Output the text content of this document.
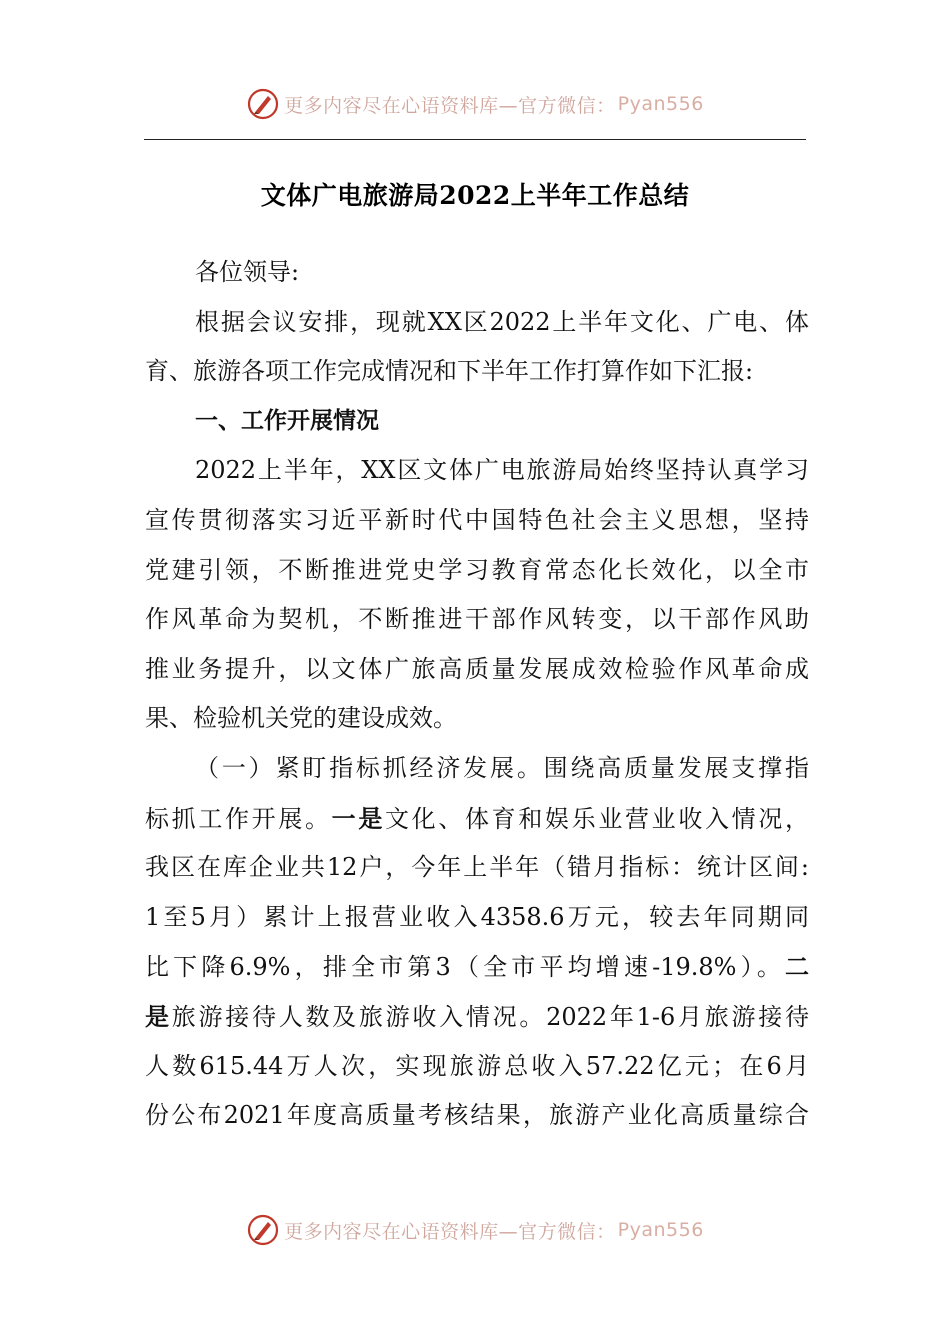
更多内容尽在心语资料库—官方微信： Pyan556
文体广电旅游局2022上半年工作总结
各位领导:
根据会议安排，现就XX区2022上半年文化、广电、体
育、旅游各项工作完成情况和下半年工作打算作如下汇报:
一、工作开展情况
2022上半年，XX区文体广电旅游局始终坚持认真学习
宣传贯彻落实习近平新时代中国特色社会主义思想，坚持
党建引领，不断推进党史学习教育常态化长效化，以全市
作风革命为契机，不断推进干部作风转变，以干部作风助
推业务提升，以文体广旅高质量发展成效检验作风革命成
果、检验机关党的建设成效。
（一）紧盯指标抓经济发展。围绕高质量发展支撑指
标抓工作开展。一是文化、体育和娱乐业营业收入情况，
我区在库企业共12户，今年上半年（错月指标：统计区间:
1至5月）累计上报营业收入4358.6万元，较去年同期同
比下降6.9%，排全市第3（全市平均增速-19.8%）。二
是旅游接待人数及旅游收入情况。2022年1-6月旅游接待
人数615.44万人次，实现旅游总收入57.22亿元；在6月
份公布2021年度高质量考核结果，旅游产业化高质量综合
更多内容尽在心语资料库—官方微信： Pyan556
